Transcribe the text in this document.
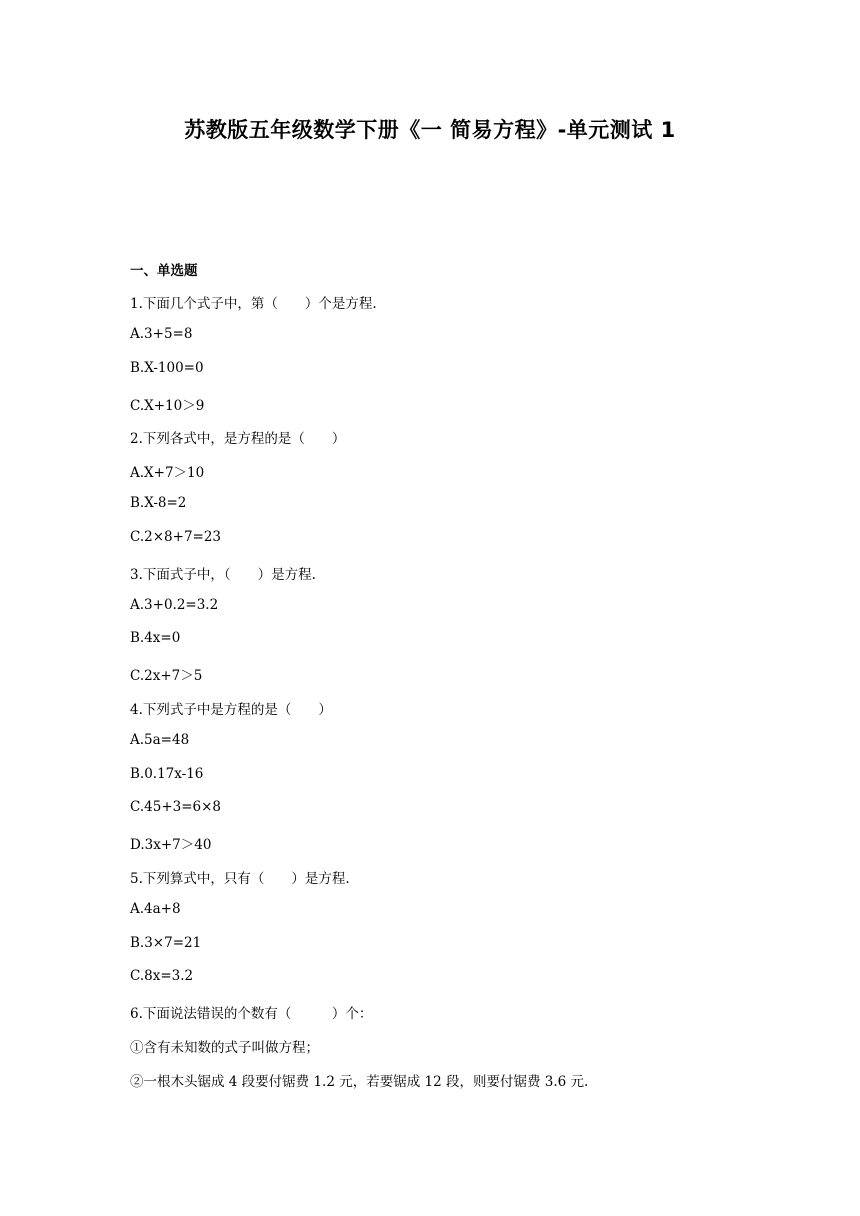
苏教版五年级数学下册《一 简易方程》-单元测试 1
一、单选题
1.下面几个式子中，第（　　）个是方程.
A.3+5=8
B.X-100=0
C.X+10＞9
2.下列各式中，是方程的是（　　）
A.X+7＞10
B.X-8=2
C.2×8+7=23
3.下面式子中，（　　）是方程.
A.3+0.2=3.2
B.4x=0
C.2x+7＞5
4.下列式子中是方程的是（　　）
A.5a=48
B.0.17x-16
C.45+3=6×8
D.3x+7＞40
5.下列算式中，只有（　　）是方程.
A.4a+8
B.3×7=21
C.8x=3.2
6.下面说法错误的个数有（　　　）个：
①含有未知数的式子叫做方程；
②一根木头锯成 4 段要付锯费 1.2 元，若要锯成 12 段，则要付锯费 3.6 元.
